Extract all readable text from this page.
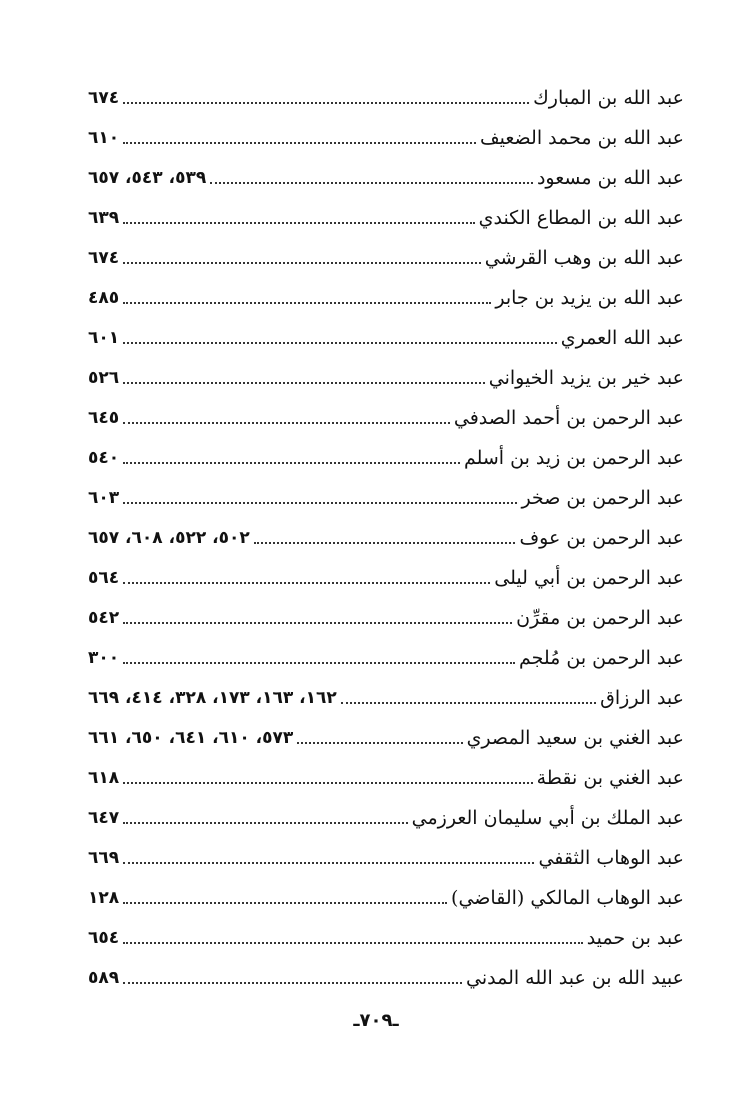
عبد الله بن المبارك
٦٧٤
عبد الله بن محمد الضعيف
٦١٠
عبد الله بن مسعود
٥٣٩، ٥٤٣، ٦٥٧
عبد الله بن المطاع الكندي
٦٣٩
عبد الله بن وهب القرشي
٦٧٤
عبد الله بن يزيد بن جابر
٤٨٥
عبد الله العمري
٦٠١
عبد خير بن يزيد الخيواني
٥٢٦
عبد الرحمن بن أحمد الصدفي
٦٤٥
عبد الرحمن بن زيد بن أسلم
٥٤٠
عبد الرحمن بن صخر
٦٠٣
عبد الرحمن بن عوف
٥٠٢، ٥٢٢، ٦٠٨، ٦٥٧
عبد الرحمن بن أبي ليلى
٥٦٤
عبد الرحمن بن مقرِّن
٥٤٢
عبد الرحمن بن مُلجم
٣٠٠
عبد الرزاق
١٦٢، ١٦٣، ١٧٣، ٣٢٨، ٤١٤، ٦٦٩
عبد الغني بن سعيد المصري
٥٧٣، ٦١٠، ٦٤١، ٦٥٠، ٦٦١
عبد الغني بن نقطة
٦١٨
عبد الملك بن أبي سليمان العرزمي
٦٤٧
عبد الوهاب الثقفي
٦٦٩
عبد الوهاب المالكي (القاضي)
١٢٨
عبد بن حميد
٦٥٤
عبيد الله بن عبد الله المدني
٥٨٩
ـ٧٠٩ـ
